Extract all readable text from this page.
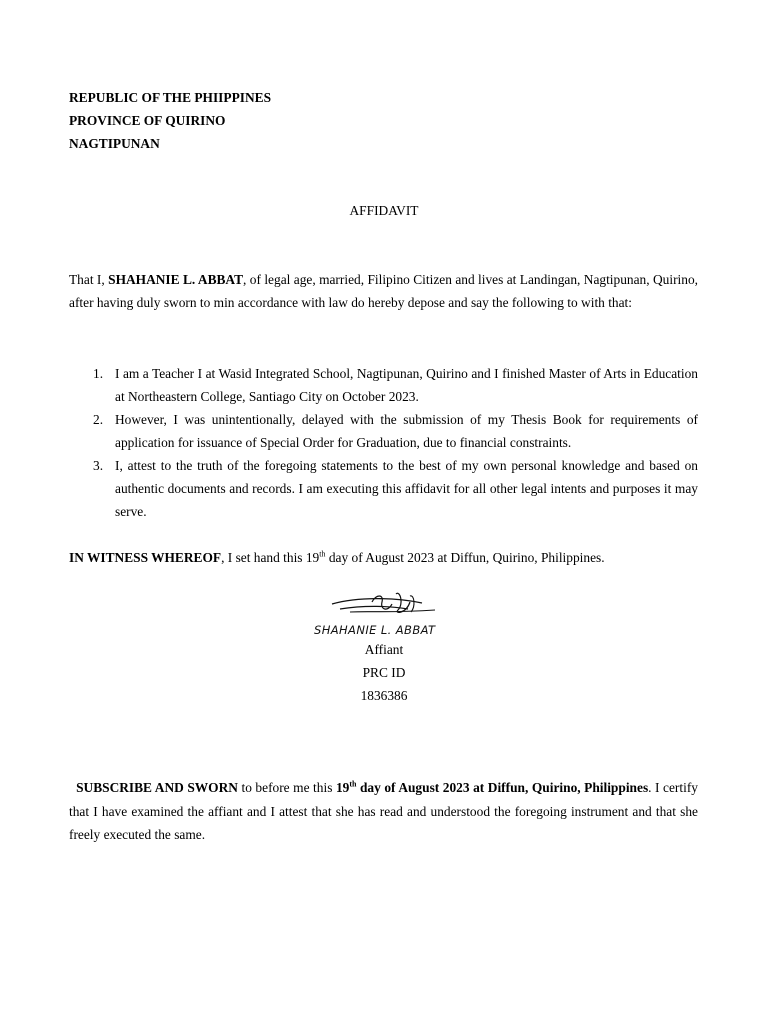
REPUBLIC OF THE PHIIPPINES
PROVINCE OF QUIRINO
NAGTIPUNAN
AFFIDAVIT
That I, SHAHANIE L. ABBAT, of legal age, married, Filipino Citizen and lives at Landingan, Nagtipunan, Quirino, after having duly sworn to min accordance with law do hereby depose and say the following to with that:
1. I am a Teacher I at Wasid Integrated School, Nagtipunan, Quirino and I finished Master of Arts in Education at Northeastern College, Santiago City on October 2023.
2. However, I was unintentionally, delayed with the submission of my Thesis Book for requirements of application for issuance of Special Order for Graduation, due to financial constraints.
3. I, attest to the truth of the foregoing statements to the best of my own personal knowledge and based on authentic documents and records. I am executing this affidavit for all other legal intents and purposes it may serve.
IN WITNESS WHEREOF, I set hand this 19th day of August 2023 at Diffun, Quirino, Philippines.
SHAHANIE L. ABBAT
Affiant
PRC ID
1836386
SUBSCRIBE AND SWORN to before me this 19th day of August 2023 at Diffun, Quirino, Philippines. I certify that I have examined the affiant and I attest that she has read and understood the foregoing instrument and that she freely executed the same.
